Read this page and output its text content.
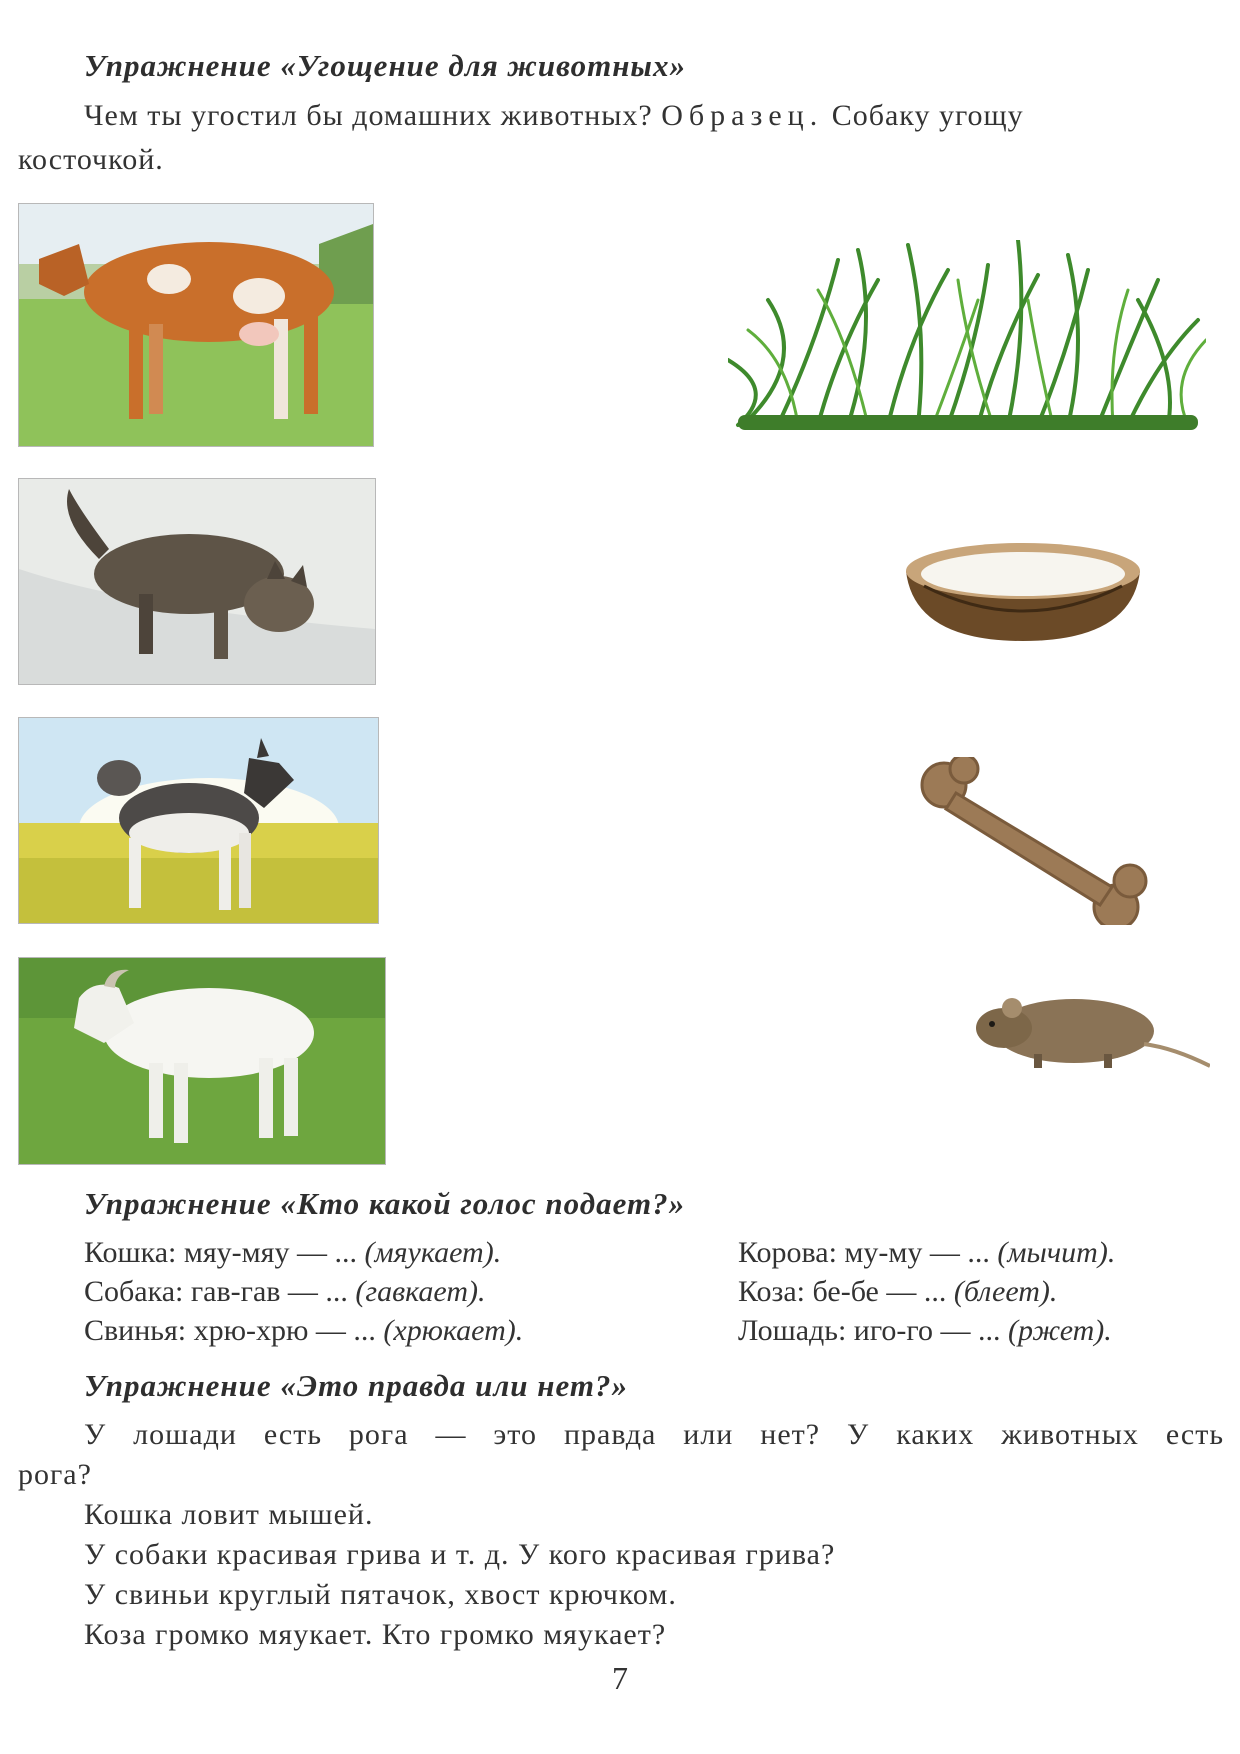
Упражнение «Угощение для животных»

Чем ты угостил бы домашних животных? Образец. Собаку угощу

косточкой.

Упражнение «Кто какой голос подает?»
Кошка: мяу-мяу — ... (мяукает).	Корова: му-му — ... (мычит).
Собака: гав-гав — ... (гавкает).	Коза: бе-бе — ... (блеет).
Свинья: хрю-хрю — ... (хрюкает).	Лошадь: иго-го — ... (ржет).
Упражнение «Это правда или нет?»

У лошади есть рога — это правда или нет? У каких животных есть

рога?

Кошка ловит мышей.
У собаки красивая грива и т. д. У кого красивая грива?
У свиньи круглый пятачок, хвост крючком.
Коза громко мяукает. Кто громко мяукает?
7
